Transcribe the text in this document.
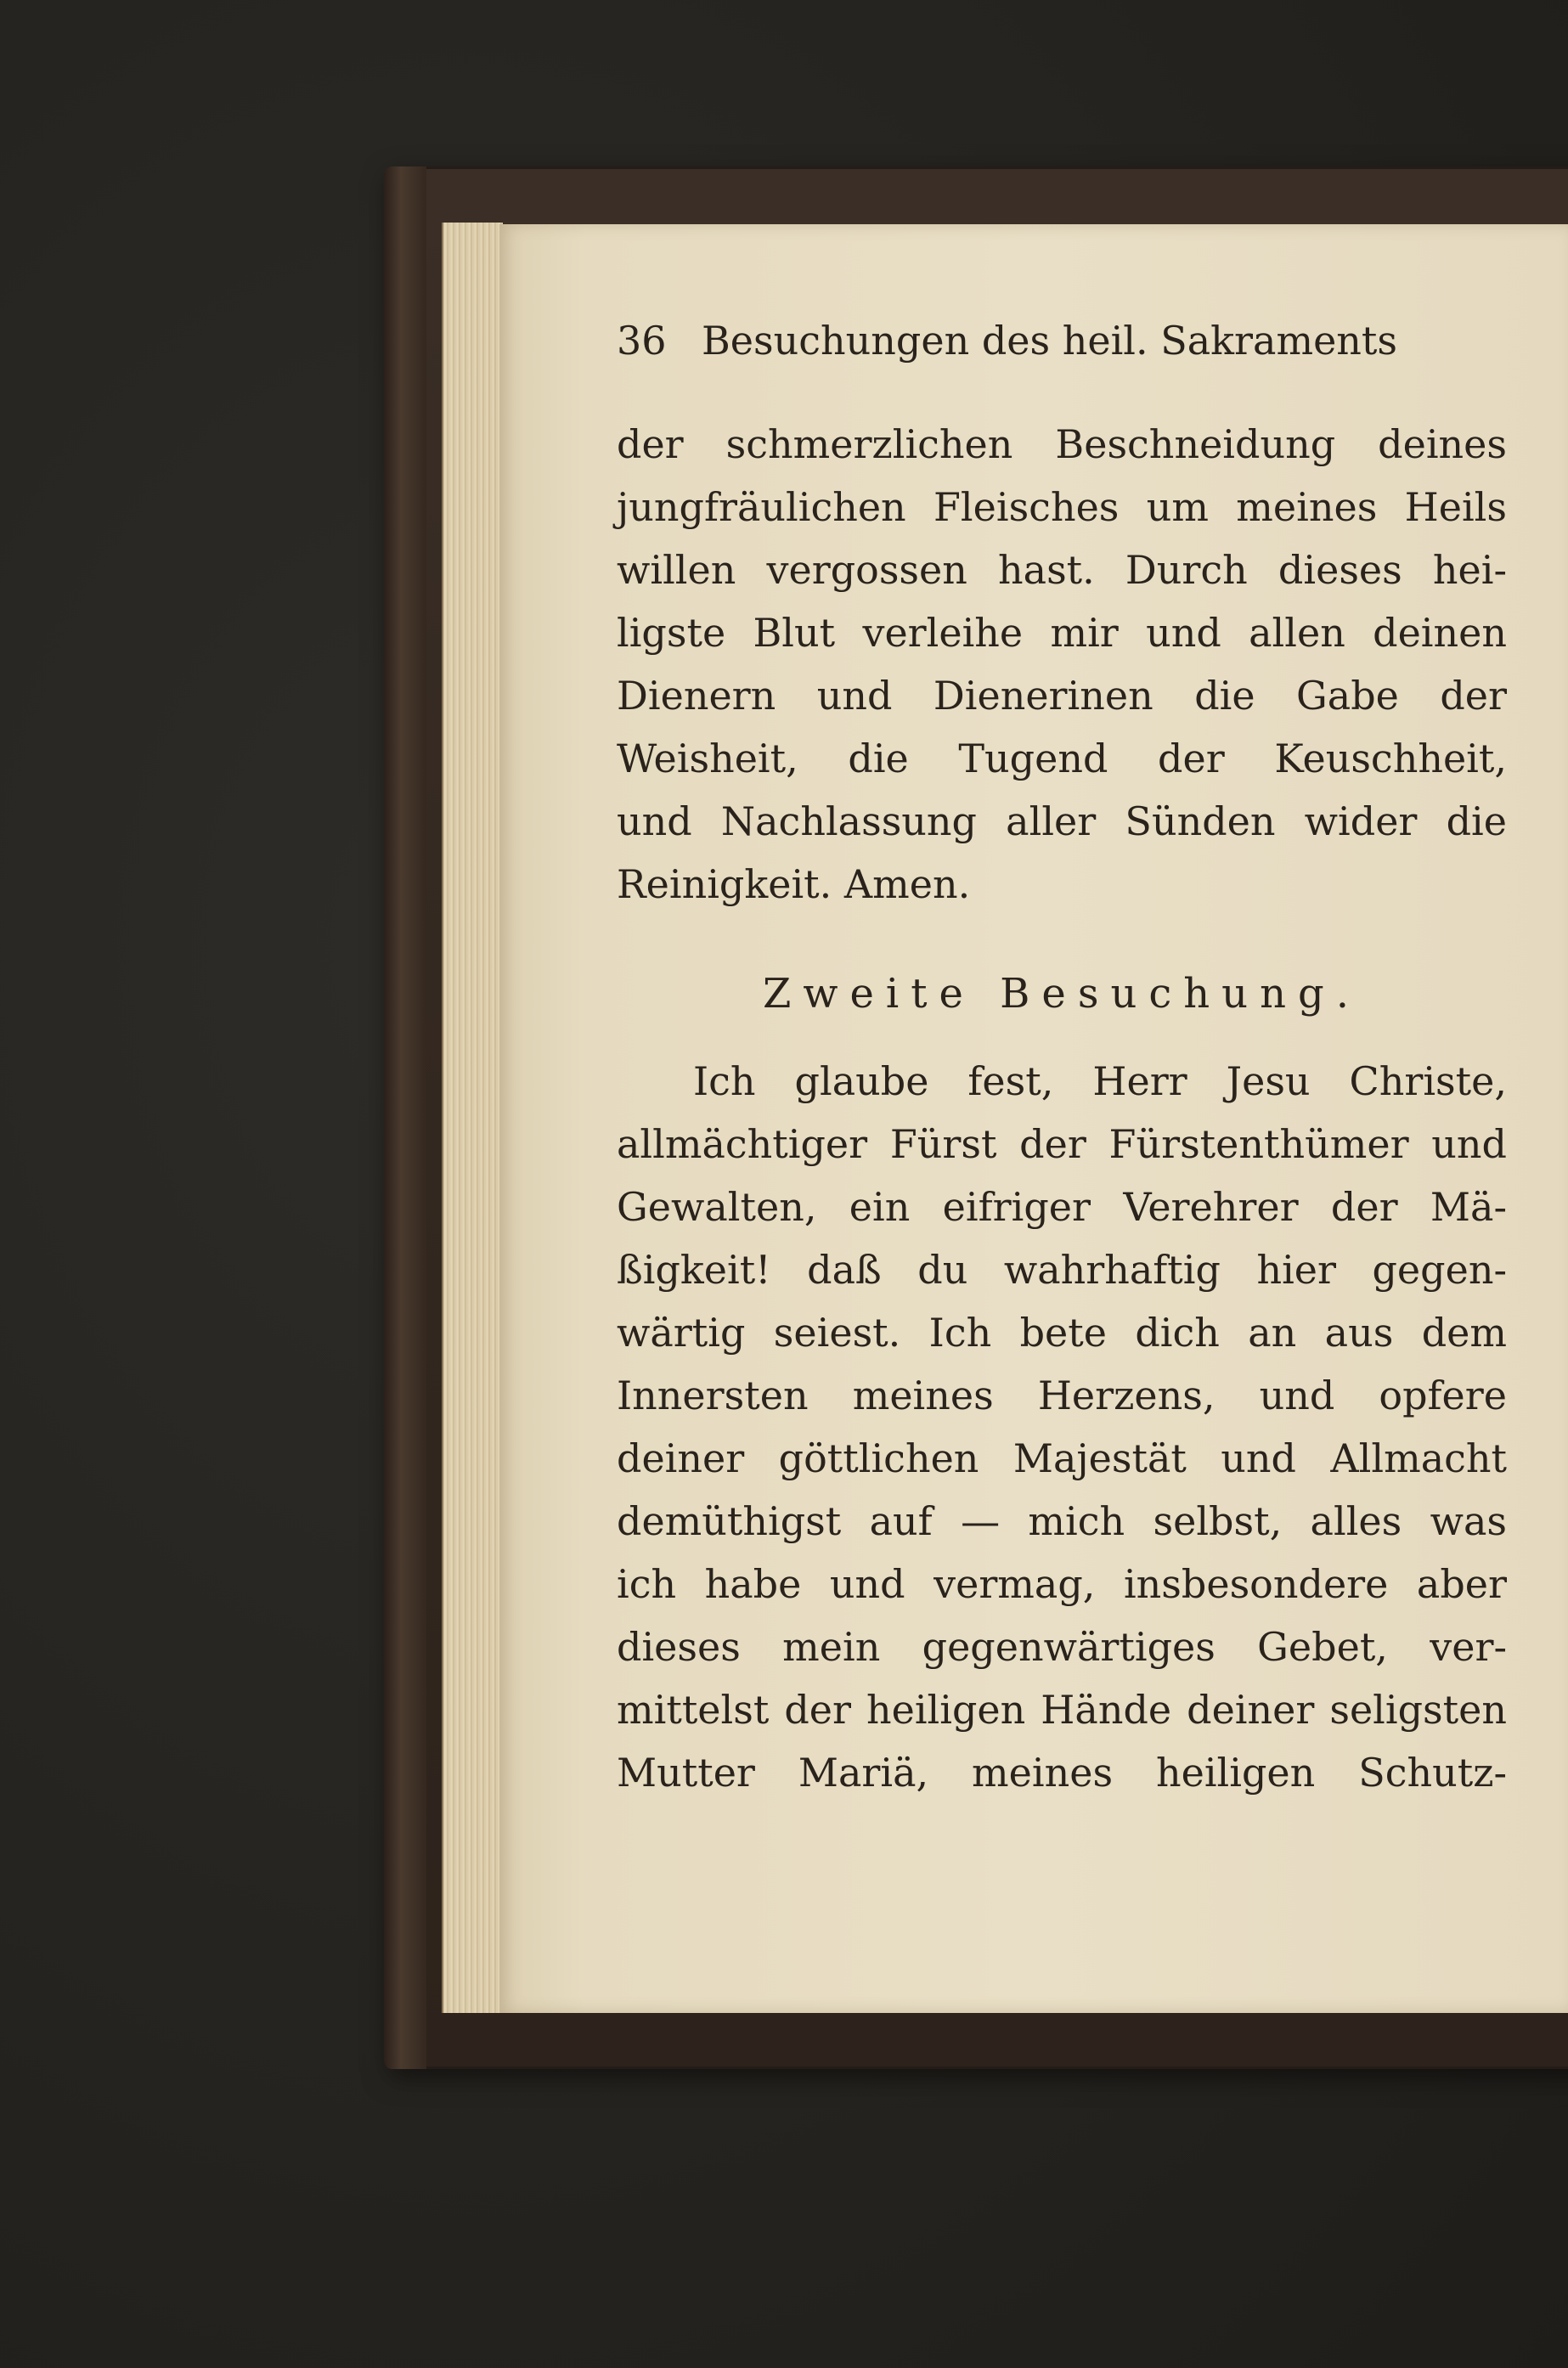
36 Besuchungen des heil. Sakraments
der schmerzlichen Beschneidung deines
jungfräulichen Fleisches um meines Heils
willen vergossen hast. Durch dieses hei-
ligste Blut verleihe mir und allen deinen
Dienern und Dienerinen die Gabe der
Weisheit, die Tugend der Keuschheit,
und Nachlassung aller Sünden wider die
Reinigkeit. Amen.
Zweite Besuchung.
Ich glaube fest, Herr Jesu Christe,
allmächtiger Fürst der Fürstenthümer und
Gewalten, ein eifriger Verehrer der Mä-
ßigkeit! daß du wahrhaftig hier gegen-
wärtig seiest. Ich bete dich an aus dem
Innersten meines Herzens, und opfere
deiner göttlichen Majestät und Allmacht
demüthigst auf — mich selbst, alles was
ich habe und vermag, insbesondere aber
dieses mein gegenwärtiges Gebet, ver-
mittelst der heiligen Hände deiner seligsten
Mutter Mariä, meines heiligen Schutz-
